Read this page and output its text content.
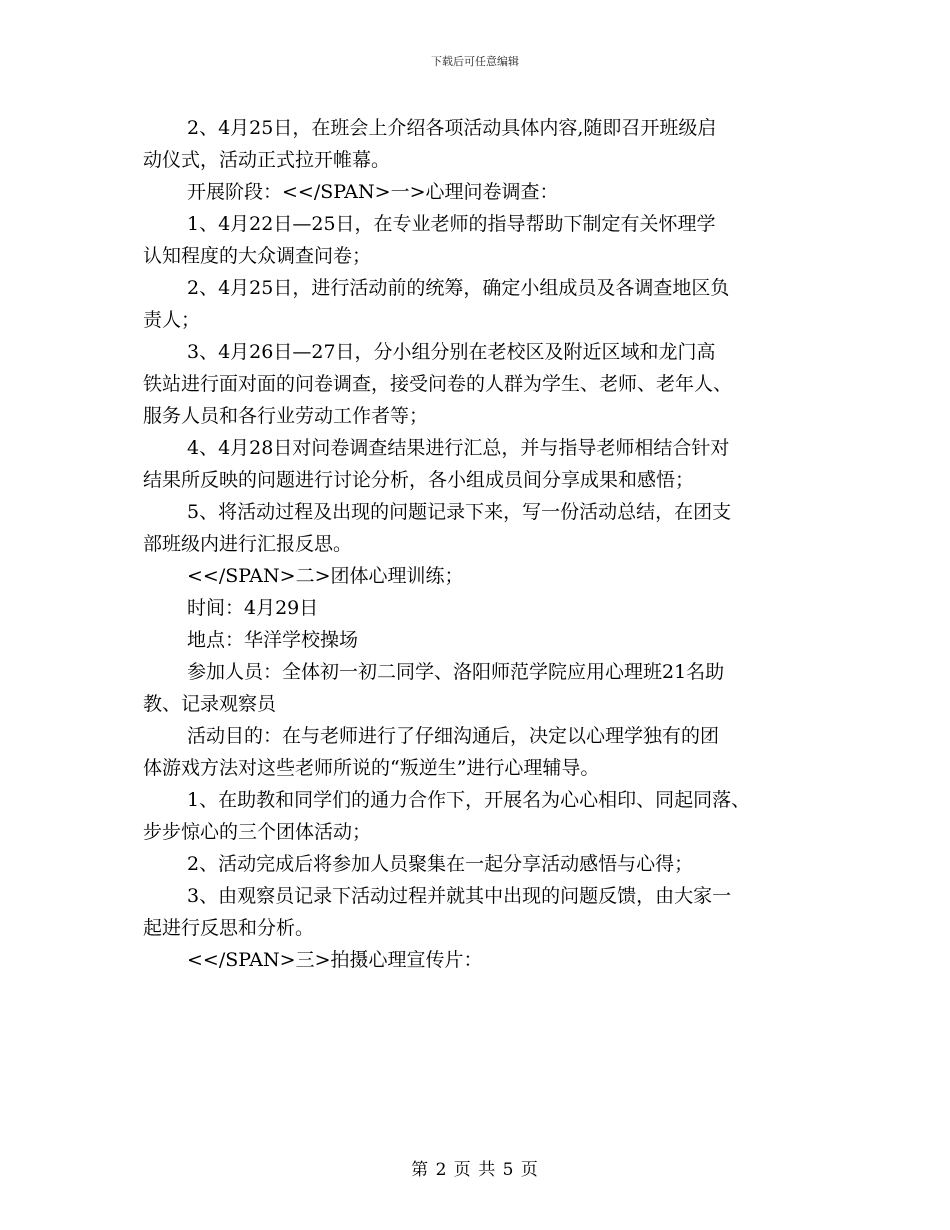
下载后可任意编辑
2、4月25日，在班会上介绍各项活动具体内容,随即召开班级启
动仪式，活动正式拉开帷幕。
开展阶段：<</SPAN>一>心理问卷调查：
1、4月22日—25日，在专业老师的指导帮助下制定有关怀理学
认知程度的大众调查问卷；
2、4月25日，进行活动前的统筹，确定小组成员及各调查地区负
责人；
3、4月26日—27日，分小组分别在老校区及附近区域和龙门高
铁站进行面对面的问卷调查，接受问卷的人群为学生、老师、老年人、
服务人员和各行业劳动工作者等；
4、4月28日对问卷调查结果进行汇总，并与指导老师相结合针对
结果所反映的问题进行讨论分析，各小组成员间分享成果和感悟；
5、将活动过程及出现的问题记录下来，写一份活动总结，在团支
部班级内进行汇报反思。
<</SPAN>二>团体心理训练；
时间：4月29日
地点：华洋学校操场
参加人员：全体初一初二同学、洛阳师范学院应用心理班21名助
教、记录观察员
活动目的：在与老师进行了仔细沟通后，决定以心理学独有的团
体游戏方法对这些老师所说的“叛逆生”进行心理辅导。
1、在助教和同学们的通力合作下，开展名为心心相印、同起同落、
步步惊心的三个团体活动；
2、活动完成后将参加人员聚集在一起分享活动感悟与心得；
3、由观察员记录下活动过程并就其中出现的问题反馈，由大家一
起进行反思和分析。
<</SPAN>三>拍摄心理宣传片：
第 2 页 共 5 页
